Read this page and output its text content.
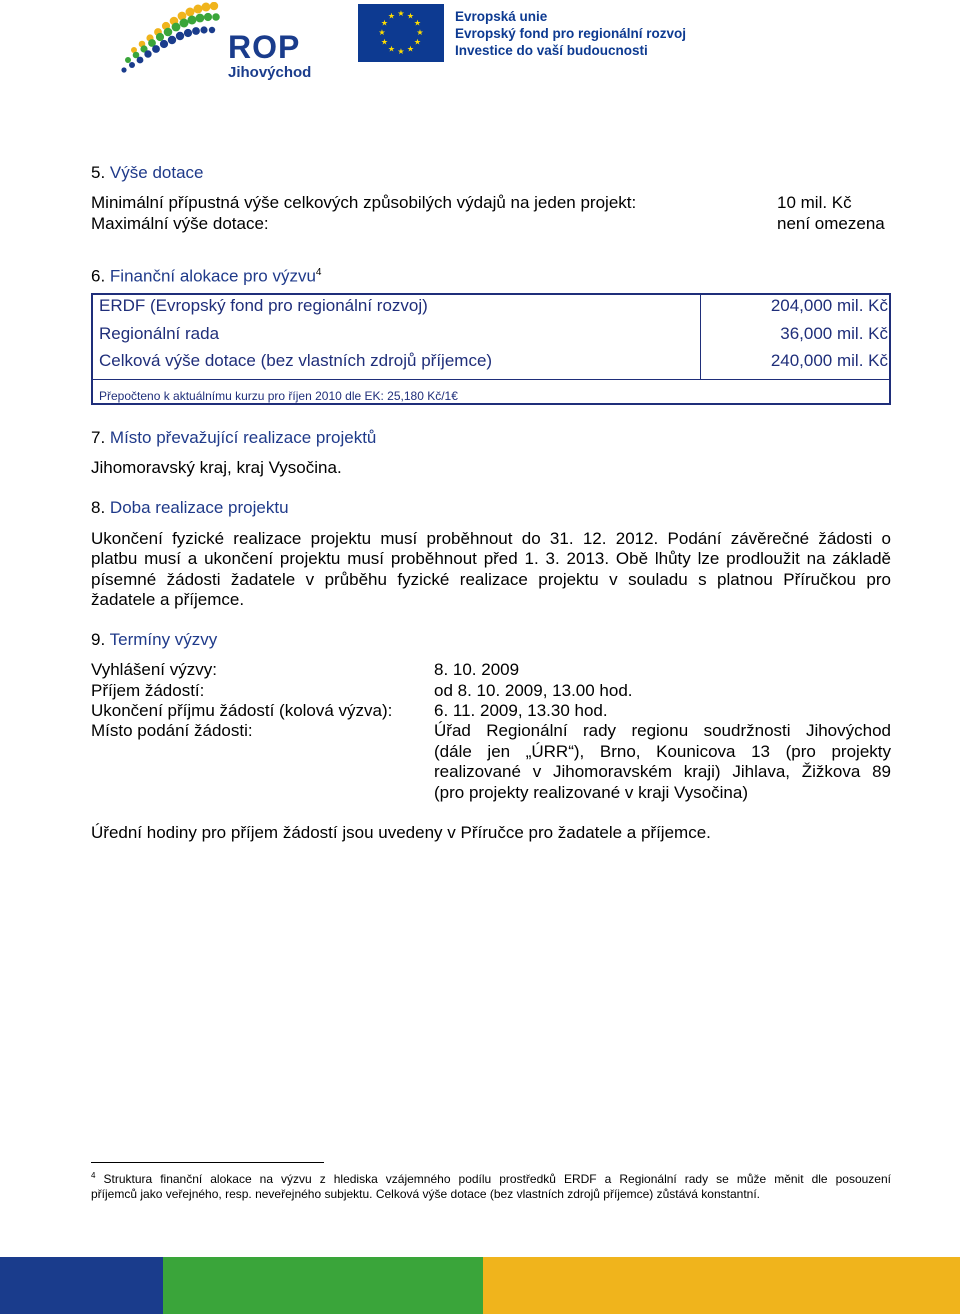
ROP
Jihovýchod
★ ★
★
★
★
★
★
★
★
★
★
★	Evropská unie
Evropský fond pro regionální rozvoj
Investice do vaší budoucnosti
5. Výše dotace
Minimální přípustná výše celkových způsobilých výdajů na jeden projekt:	10 mil. Kč
Maximální výše dotace:	není omezena
6. Finanční alokace pro výzvu$^4$
ERDF (Evropský fond pro regionální rozvoj)	204,000 mil. Kč
Regionální rada	36,000 mil. Kč
Celková výše dotace (bez vlastních zdrojů příjemce)	240,000 mil. Kč
Přepočteno k aktuálnímu kurzu pro říjen 2010 dle EK: 25,180 Kč/1€
7. Místo převažující realizace projektů
Jihomoravský kraj, kraj Vysočina.
8. Doba realizace projektu
Ukončení fyzické realizace projektu musí proběhnout do 31. 12. 2012. Podání závěrečné žádosti o
platbu musí a ukončení projektu musí proběhnout před 1. 3. 2013. Obě lhůty lze prodloužit na základě
písemné žádosti žadatele v průběhu fyzické realizace projektu v souladu s platnou Příručkou pro
žadatele a příjemce.
9. Termíny výzvy
Vyhlášení výzvy:	8. 10. 2009
Příjem žádostí:	od 8. 10. 2009, 13.00 hod.
Ukončení příjmu žádostí (kolová výzva): 6. 11. 2009, 13.30 hod.
Místo podání žádosti:	Úřad Regionální rady regionu soudržnosti Jihovýchod
(dále jen „ÚRR“), Brno, Kounicova 13 (pro projekty
realizované v Jihomoravském kraji) Jihlava, Žižkova 89
(pro projekty realizované v kraji Vysočina)
Úřední hodiny pro příjem žádostí jsou uvedeny v Příručce pro žadatele a příjemce.
$^4$ Struktura finanční alokace na výzvu z hlediska vzájemného podílu prostředků ERDF a Regionální rady se může měnit dle posouzení
příjemců jako veřejného, resp. neveřejného subjektu. Celková výše dotace (bez vlastních zdrojů příjemce) zůstává konstantní.
